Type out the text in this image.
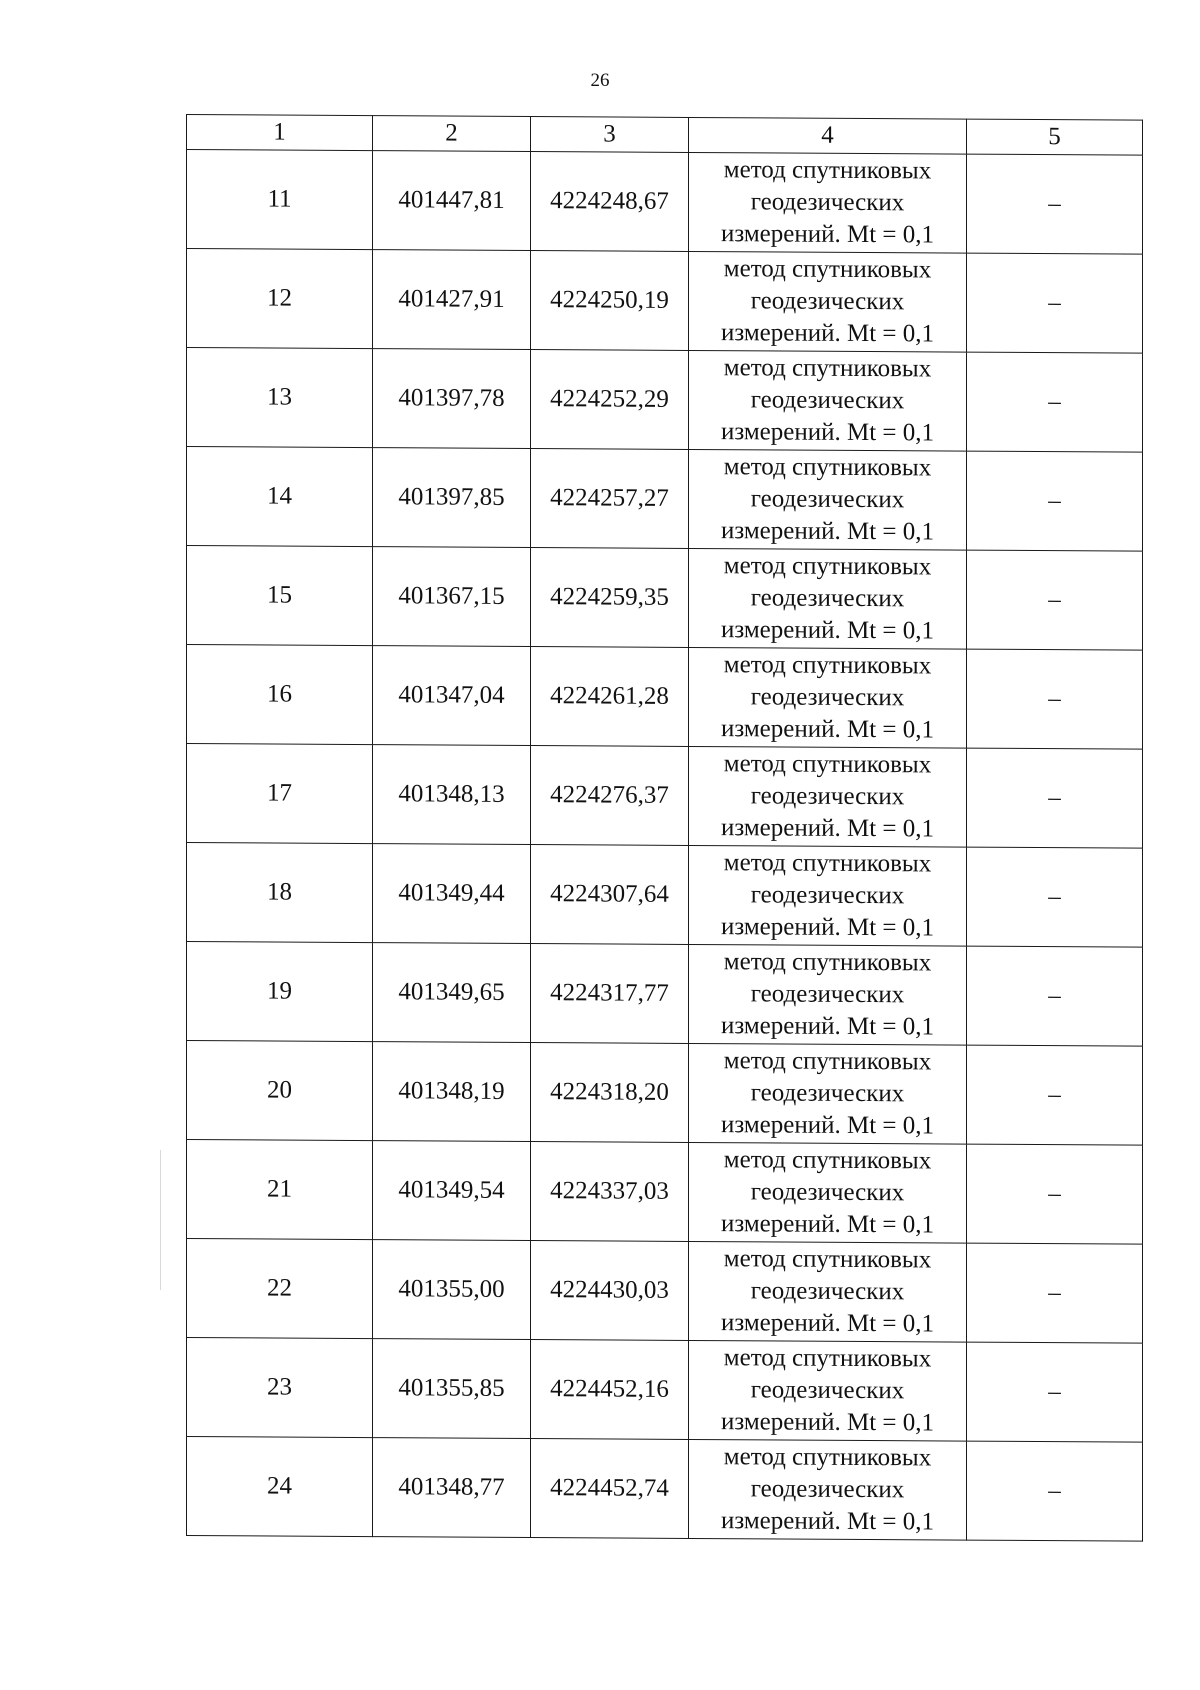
26
1	2	3	4	5
11	401447,81	4224248,67	метод спутниковых
геодезических
измерений. Mt = 0,1	–
12	401427,91	4224250,19	метод спутниковых
геодезических
измерений. Mt = 0,1	–
13	401397,78	4224252,29	метод спутниковых
геодезических
измерений. Mt = 0,1	–
14	401397,85	4224257,27	метод спутниковых
геодезических
измерений. Mt = 0,1	–
15	401367,15	4224259,35	метод спутниковых
геодезических
измерений. Mt = 0,1	–
16	401347,04	4224261,28	метод спутниковых
геодезических
измерений. Mt = 0,1	–
17	401348,13	4224276,37	метод спутниковых
геодезических
измерений. Mt = 0,1	–
18	401349,44	4224307,64	метод спутниковых
геодезических
измерений. Mt = 0,1	–
19	401349,65	4224317,77	метод спутниковых
геодезических
измерений. Mt = 0,1	–
20	401348,19	4224318,20	метод спутниковых
геодезических
измерений. Mt = 0,1	–
21	401349,54	4224337,03	метод спутниковых
геодезических
измерений. Mt = 0,1	–
22	401355,00	4224430,03	метод спутниковых
геодезических
измерений. Mt = 0,1	–
23	401355,85	4224452,16	метод спутниковых
геодезических
измерений. Mt = 0,1	–
24	401348,77	4224452,74	метод спутниковых
геодезических
измерений. Mt = 0,1	–
